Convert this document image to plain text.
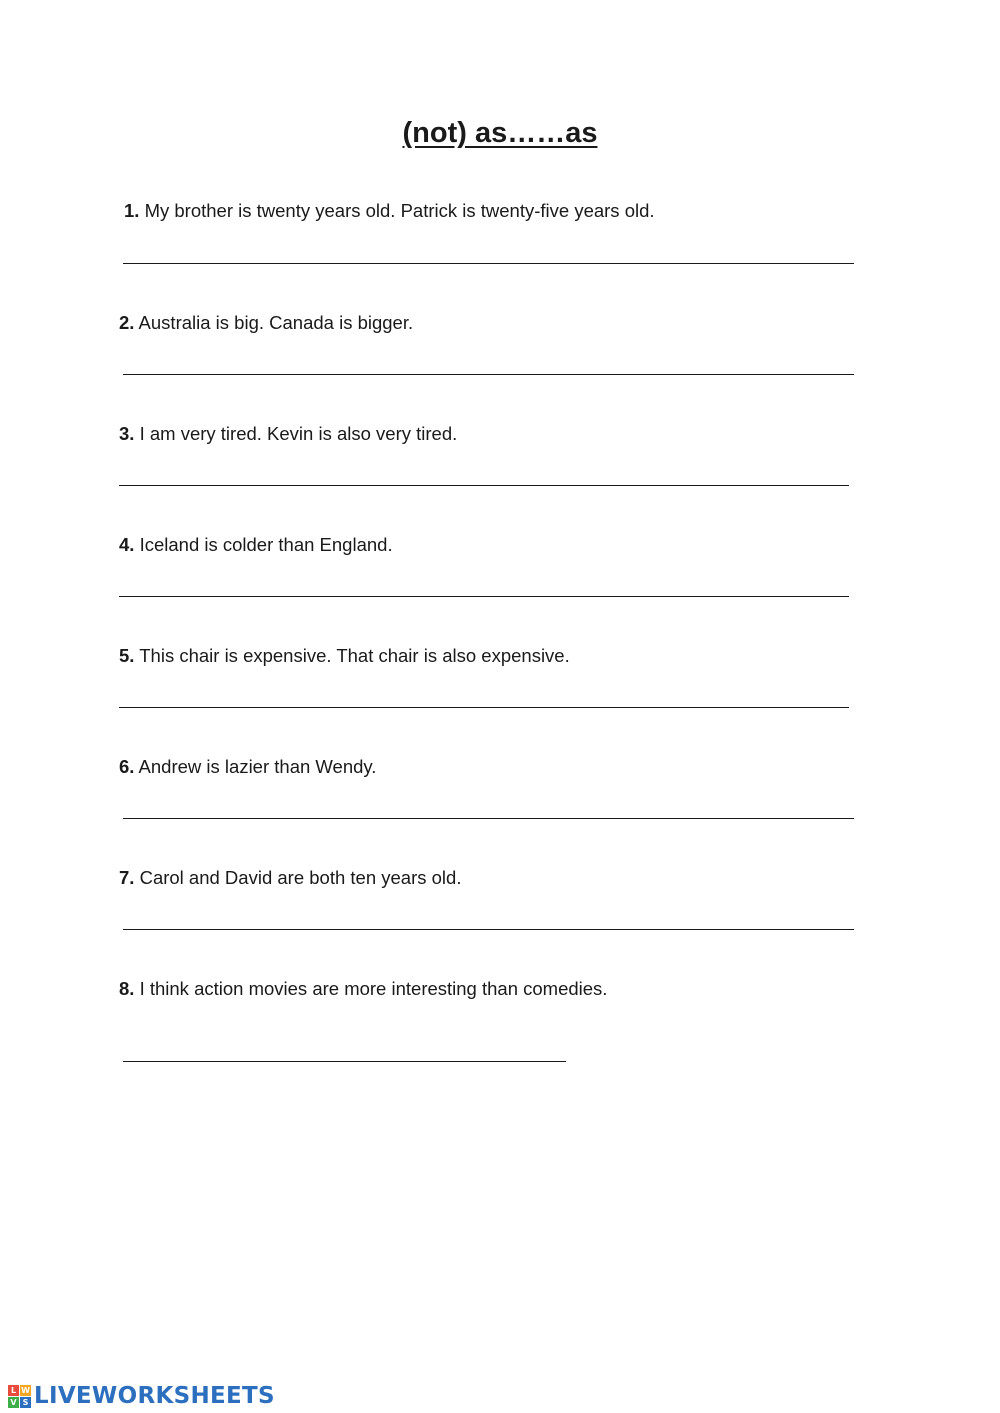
(not) as……as
1. My brother is twenty years old. Patrick is twenty-five years old.
2. Australia is big. Canada is bigger.
3. I am very tired. Kevin is also very tired.
4. Iceland is colder than England.
5. This chair is expensive. That chair is also expensive.
6. Andrew is lazier than Wendy.
7. Carol and David are both ten years old.
8. I think action movies are more interesting than comedies.
L W
V S LIVEWORKSHEETS
